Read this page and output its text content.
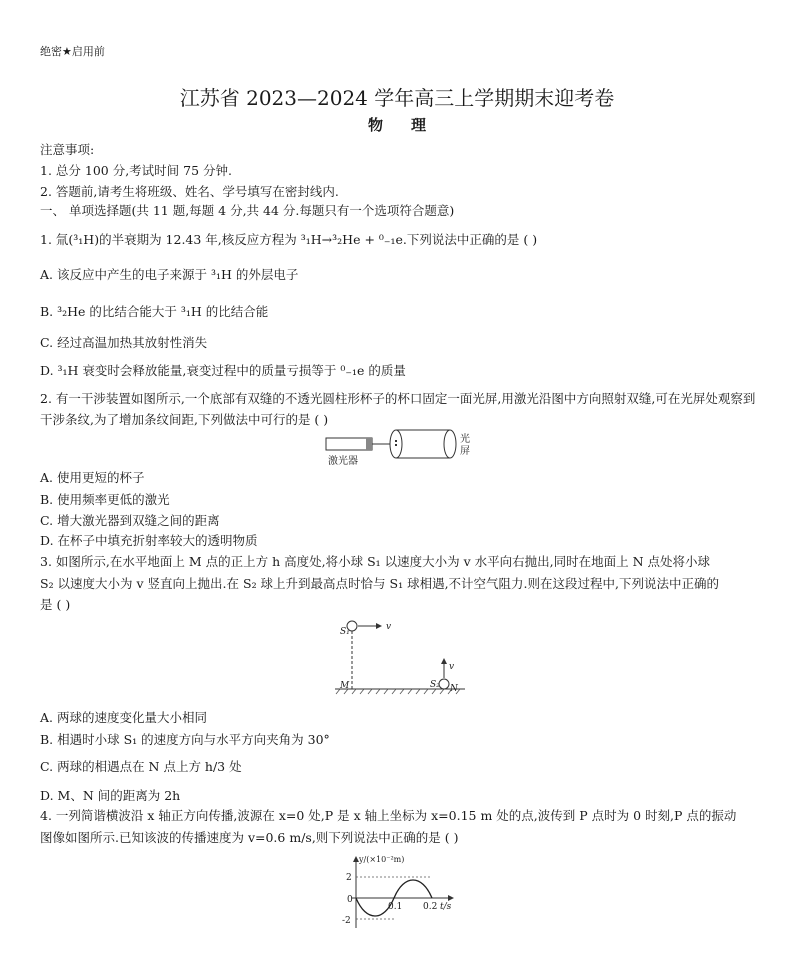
绝密★启用前
江苏省 2023—2024 学年高三上学期期末迎考卷
物理
注意事项:
1. 总分 100 分,考试时间 75 分钟.
2. 答题前,请考生将班级、姓名、学号填写在密封线内.
一、 单项选择题(共 11 题,每题 4 分,共 44 分.每题只有一个选项符合题意)
1. 氚(³₁H)的半衰期为 12.43 年,核反应方程为 ³₁H→³₂He + ⁰₋₁e.下列说法中正确的是 ( )
A. 该反应中产生的电子来源于 ³₁H 的外层电子
B. ³₂He 的比结合能大于 ³₁H 的比结合能
C. 经过高温加热其放射性消失
D. ³₁H 衰变时会释放能量,衰变过程中的质量亏损等于 ⁰₋₁e 的质量
2. 有一干涉装置如图所示,一个底部有双缝的不透光圆柱形杯子的杯口固定一面光屏,用激光沿图中方向照射双缝,可在光屏处观察到干涉条纹,为了增加条纹间距,下列做法中可行的是 ( )
激光器
光
屏
A. 使用更短的杯子
B. 使用频率更低的激光
C. 增大激光器到双缝之间的距离
D. 在杯子中填充折射率较大的透明物质
3. 如图所示,在水平地面上 M 点的正上方 h 高度处,将小球 S₁ 以速度大小为 v 水平向右抛出,同时在地面上 N 点处将小球
S₂ 以速度大小为 v 竖直向上抛出.在 S₂ 球上升到最高点时恰与 S₁ 球相遇,不计空气阻力.则在这段过程中,下列说法中正确的
是 ( )
S₁	v
M
v
S₂ N
A. 两球的速度变化量大小相同
B. 相遇时小球 S₁ 的速度方向与水平方向夹角为 30°
C. 两球的相遇点在 N 点上方 h/3 处
D. M、N 间的距离为 2h
4. 一列简谐横波沿 x 轴正方向传播,波源在 x=0 处,P 是 x 轴上坐标为 x=0.15 m 处的点,波传到 P 点时为 0 时刻,P 点的振动
图像如图所示.已知该波的传播速度为 v=0.6 m/s,则下列说法中正确的是 ( )
y/(×10⁻²m)
2
0
-2
0.1 0.2 t/s
